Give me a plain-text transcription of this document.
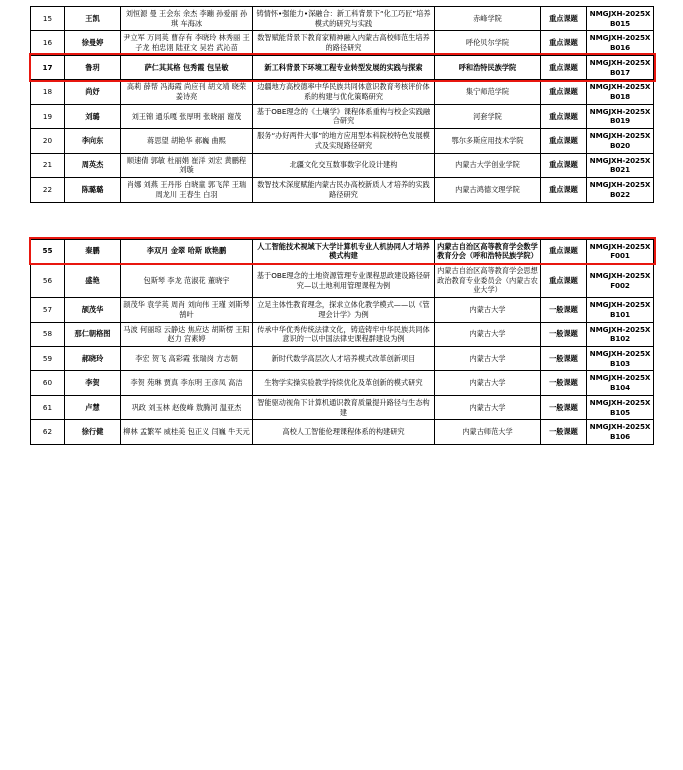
15	王凯	刘恒源 曼 王会东 余杰 李蹦 孙爱丽 孙琪 车海冰	铸情怀•强能力•深融合：新工科背景下“化工巧匠”培养模式的研究与实践	赤峰学院	重点课题	NMGJXH-2025XB015
16	徐曼婷	尹立军 万同英 曹存有 李晓玲 林秀丽 王子龙 柏忠诩 陆亚文 吴岩 武沁苗	数智赋能背景下教育家精神融入内蒙古高校师范生培养的路径研究	呼伦贝尔学院	重点课题	NMGJXH-2025XB016
17	鲁玥	萨仁其其格 包秀霞 包呈敏	新工科背景下环境工程专业转型发展的实践与探索	呼和浩特民族学院	重点课题	NMGJXH-2025XB017
18	尚妤	高莉 薛帮 冯海霞 尚应刊 胡文靖 晓荣 姜诗亮	边疆地方高校德率中华民族共同体意识教育考核评价体系的构建与优化策略研究	集宁师范学院	重点课题	NMGJXH-2025XB018
19	刘璐	刘王锦 通乐嘎 张厚明 张晓丽 谢茂	基于OBE理念的《土壤学》课程体系重构与校企实践融合研究	河套学院	重点课题	NMGJXH-2025XB019
20	李向东	蒋思望 胡艳华 郝巍 曲熙	服务“办好两件大事”的地方应用型本科院校特色发展模式及实现路径研究	鄂尔多斯应用技术学院	重点课题	NMGJXH-2025XB020
21	周英杰	顺速倩 郭敏 杜丽娟 崔洋 刘宏 黄鹏程 刘璇	北疆文化交互数事数字化设计建构	内蒙古大学创业学院	重点课题	NMGJXH-2025XB021
22	陈璐璐	肖娜 刘燕 王丹彤 白晓童 郭飞萍 王瑞 周龙川 王春生 白羽	数智技术深度赋能内蒙古民办高校新质人才培养的实践路径研究	内蒙古鸿德文理学院	重点课题	NMGJXH-2025XB022
55	秦鹏	李双月 金翠 哈斯 欧艳鹏	人工智能技术视域下大学计算机专业人机协同人才培养模式构建	内蒙古自治区高等教育学会数学教育分会（呼和浩特民族学院）	重点课题	NMGJXH-2025XF001
56	盛艳	包斯琴 李龙 范淑花 董晓宇	基于OBE理念的土地资源管理专业课程思政建设路径研究—以土地利用管理课程为例	内蒙古自治区高等教育学会思想政治教育专业委员会（内蒙古农业大学）	重点课题	NMGJXH-2025XF002
57	颉茂华	颉茂华 袁学英 周肖 刘向伟 王瑾 刘斯琴 鹄叶	立足主体性教育理念，探求立体化教学模式——以《管理会计学》为例	内蒙古大学	一般课题	NMGJXH-2025XB101
58	那仁朝格图	马波 何丽琼 云静达 焦应达 胡斯楞 王阳 赵力 宫素婷	传承中华优秀传统法律文化，铸造铸牢中华民族共同体意识的一以中国法律史课程群建设为例	内蒙古大学	一般课题	NMGJXH-2025XB102
59	郝晓玲	李宏 贺飞 高彩霞 张瑞岗 方志朝	新时代数学高层次人才培养模式改革创新项目	内蒙古大学	一般课题	NMGJXH-2025XB103
60	李贺	李贺 苑琳 贾真 李东明 王彦凤 高洁	生物学实操实验教学持续优化及革创新的模式研究	内蒙古大学	一般课题	NMGJXH-2025XB104
61	卢慧	巩政 刘玉林 赵俊峰 敖腾河 温亚杰	智能驱动视角下计算机通识教育质量提升路径与生态构建	内蒙古大学	一般课题	NMGJXH-2025XB105
62	徐行健	柳林 孟繁军 威桂美 包正义 闫巍 牛天元	高校人工智能伦理课程体系的构建研究	内蒙古师范大学	一般课题	NMGJXH-2025XB106
